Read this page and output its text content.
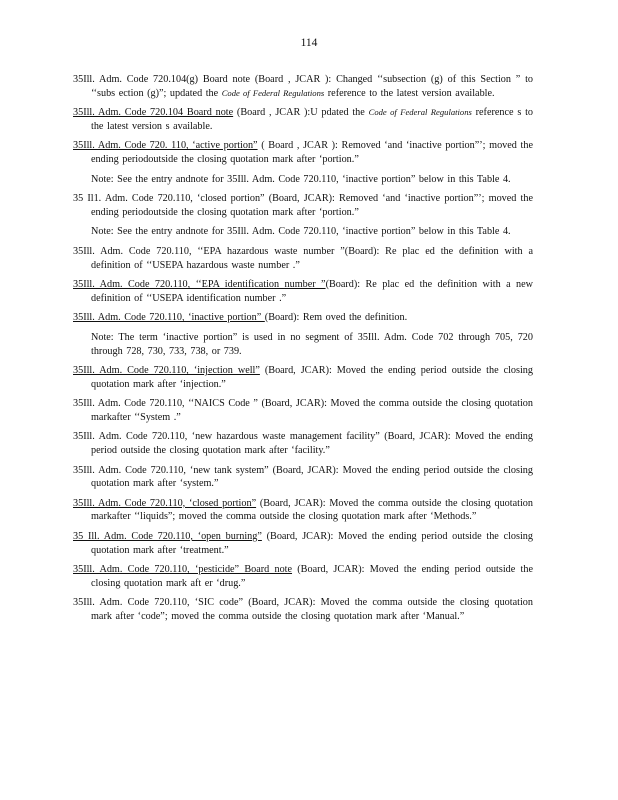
114
35Ill. Adm. Code 720.104(g) Board note (Board , JCAR ): Changed ‘‘subsection (g) of this Section ” to ‘‘subs ection (g)”; updated the Code of Federal Regulations reference to the latest version available.
35Ill. Adm. Code 720.104 Board note (Board , JCAR ):U pdated the Code of Federal Regulations reference s to the latest version s available.
35Ill. Adm. Code 720. 110, ‘active portion” ( Board , JCAR ): Removed ‘and ‘inactive portion”’; moved the ending periodoutside the closing quotation mark after ‘portion.”
Note: See the entry andnote for 35Ill. Adm. Code 720.110, ‘inactive portion” below in this Table 4.
35 Il1. Adm. Code 720.110, ‘closed portion” (Board, JCAR): Removed ‘and ‘inactive portion”’; moved the ending periodoutside the closing quotation mark after ‘portion.”
Note: See the entry andnote for 35Ill. Adm. Code 720.110, ‘inactive portion” below in this Table 4.
35Ill. Adm. Code 720.110, ‘‘EPA hazardous waste number ”(Board): Re plac ed the definition with a definition of ‘‘USEPA hazardous waste number .”
35Ill. Adm. Code 720.110, ‘‘EPA identification number ”(Board): Re plac ed the definition with a new definition of ‘‘USEPA identification number .”
35Ill. Adm. Code 720.110, ‘inactive portion” (Board): Rem oved the definition.
Note: The term ‘inactive portion” is used in no segment of 35Ill. Adm. Code 702 through 705, 720 through 728, 730, 733, 738, or 739.
35Ill. Adm. Code 720.110, ‘injection well” (Board, JCAR): Moved the ending period outside the closing quotation mark after ‘injection.”
35Ill. Adm. Code 720.110, ‘‘NAICS Code ” (Board, JCAR): Moved the comma outside the closing quotation markafter ‘‘System .”
35Ill. Adm. Code 720.110, ‘new hazardous waste management facility” (Board, JCAR): Moved the ending period outside the closing quotation mark after ‘facility.”
35Ill. Adm. Code 720.110, ‘new tank system” (Board, JCAR): Moved the ending period outside the closing quotation mark after ‘system.”
35Ill. Adm. Code 720.110, ‘closed portion” (Board, JCAR): Moved the comma outside the closing quotation markafter ‘‘liquids”; moved the comma outside the closing quotation mark after ‘Methods.”
35 Ill. Adm. Code 720.110, ‘open burning” (Board, JCAR): Moved the ending period outside the closing quotation mark after ‘treatment.”
35Ill. Adm. Code 720.110, ‘pesticide” Board note (Board, JCAR): Moved the ending period outside the closing quotation mark aft er ‘drug.”
35Ill. Adm. Code 720.110, ‘SIC code” (Board, JCAR): Moved the comma outside the closing quotation mark after ‘code”; moved the comma outside the closing quotation mark after ‘Manual.”
